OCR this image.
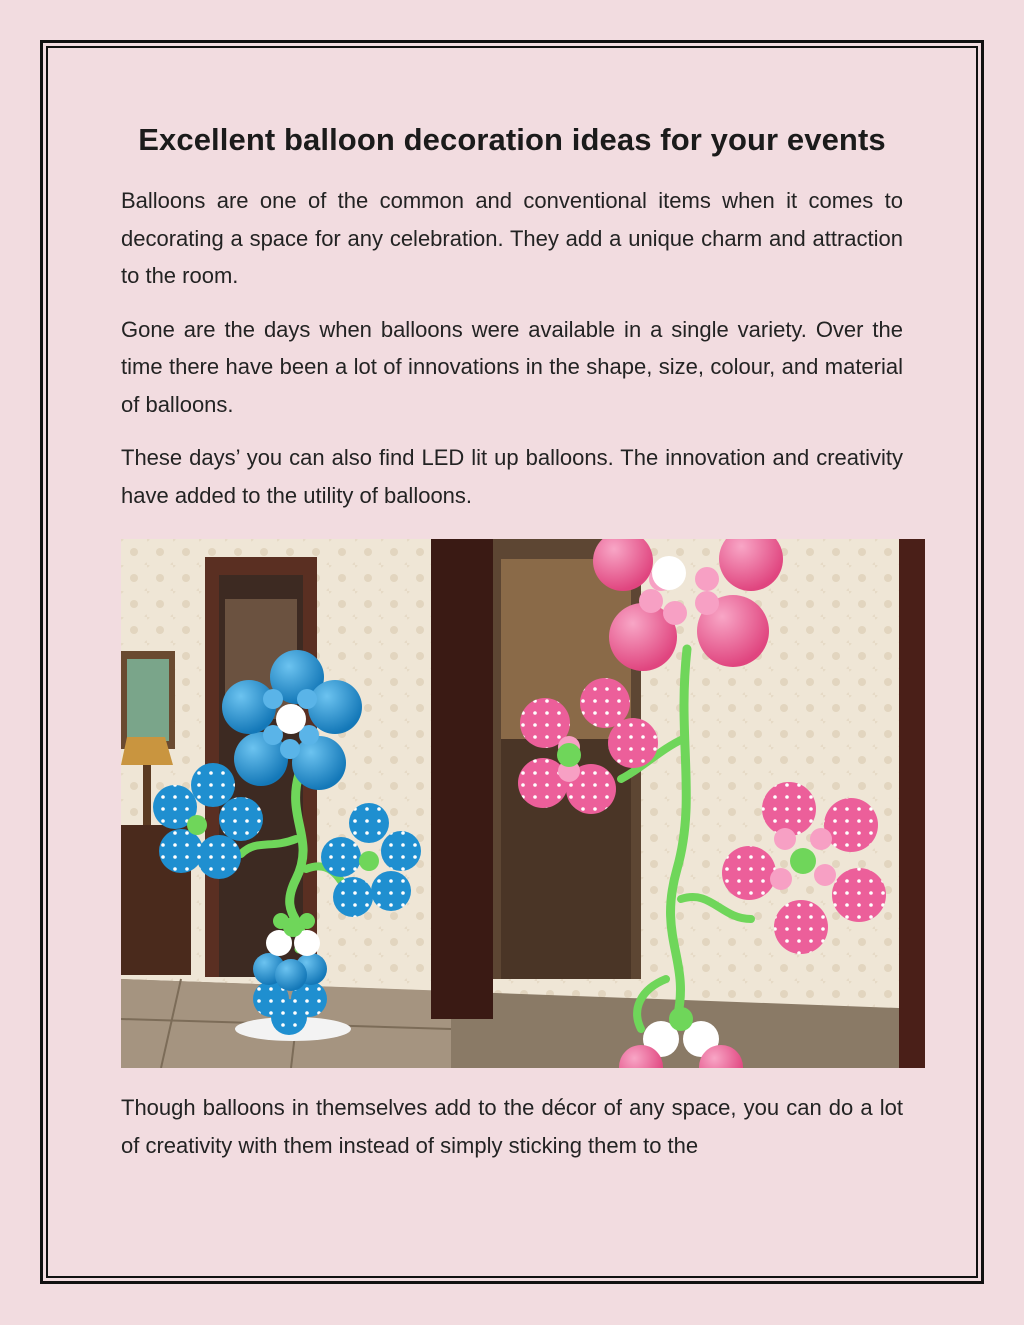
Excellent balloon decoration ideas for your events

Balloons are one of the common and conventional items when it comes to decorating a space for any celebration. They add a unique charm and attraction to the room.

Gone are the days when balloons were available in a single variety. Over the time there have been a lot of innovations in the shape, size, colour, and material of balloons.

These days’ you can also find LED lit up balloons. The innovation and creativity have added to the utility of balloons.

Though balloons in themselves add to the décor of any space, you can do a lot of creativity with them instead of simply sticking them to the
